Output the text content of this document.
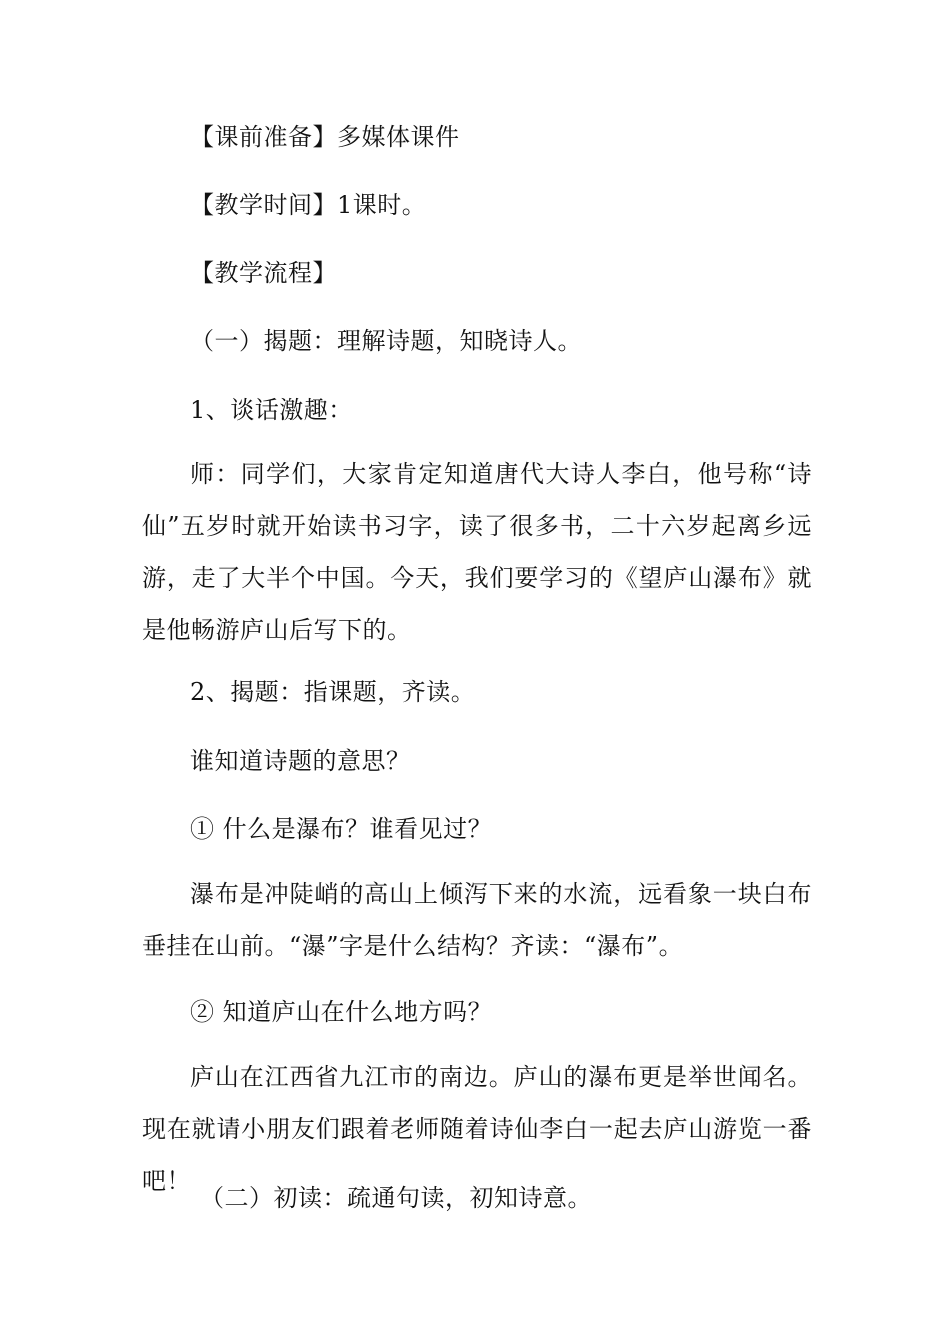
【课前准备】多媒体课件

【教学时间】1课时。

【教学流程】

（一）揭题：理解诗题，知晓诗人。

1、谈话激趣：

师：同学们，大家肯定知道唐代大诗人李白，他号称“诗仙”五岁时就开始读书习字，读了很多书，二十六岁起离乡远游，走了大半个中国。今天，我们要学习的《望庐山瀑布》就是他畅游庐山后写下的。

2、揭题：指课题，齐读。

谁知道诗题的意思？

① 什么是瀑布？谁看见过？

瀑布是冲陡峭的高山上倾泻下来的水流，远看象一块白布垂挂在山前。“瀑”字是什么结构？齐读：“瀑布”。

② 知道庐山在什么地方吗？

庐山在江西省九江市的南边。庐山的瀑布更是举世闻名。现在就请小朋友们跟着老师随着诗仙李白一起去庐山游览一番吧！

（二）初读：疏通句读，初知诗意。
